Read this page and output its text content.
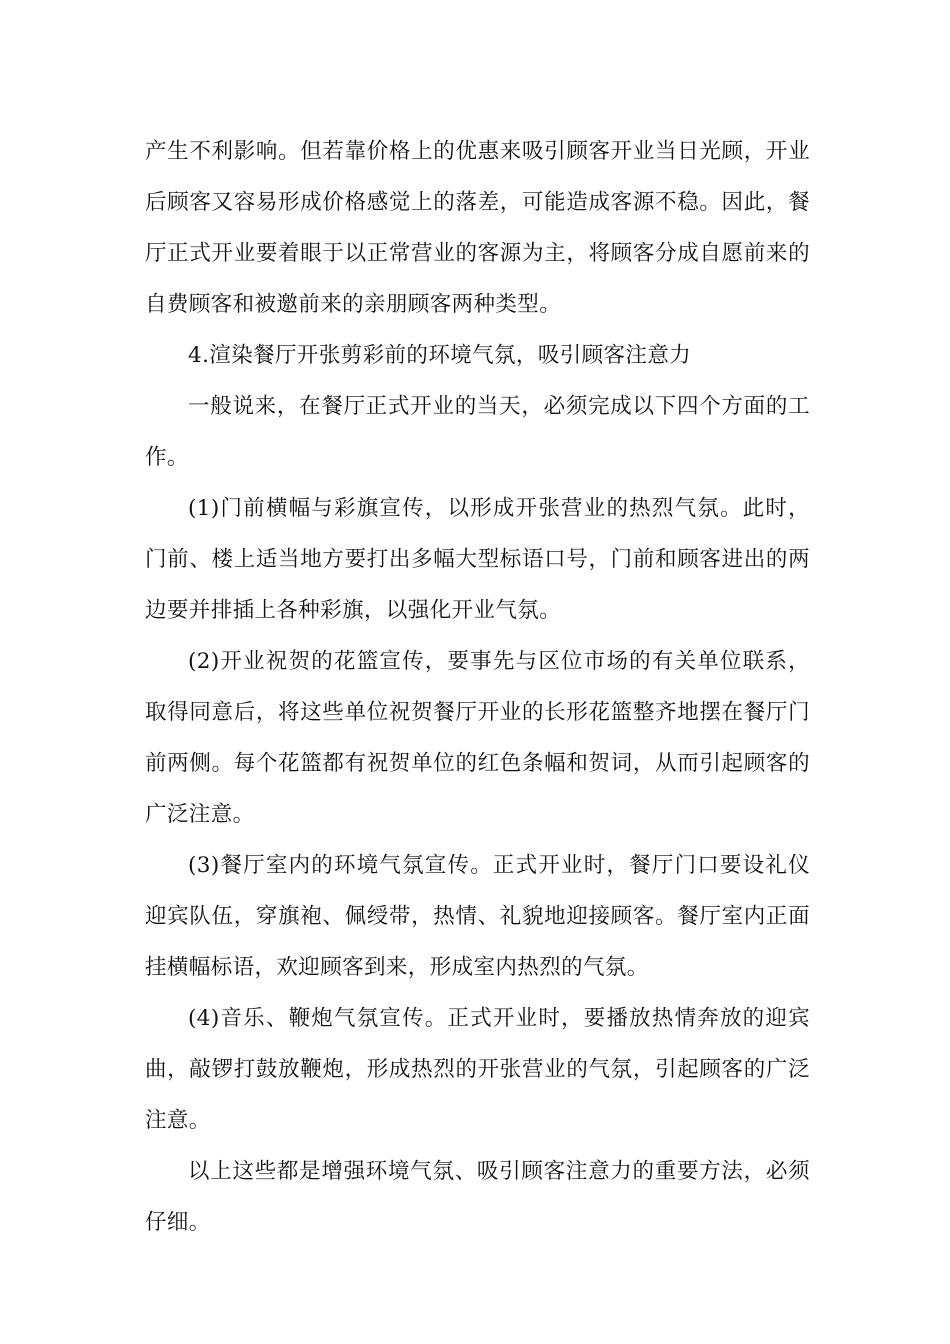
产生不利影响。但若靠价格上的优惠来吸引顾客开业当日光顾，开业后顾客又容易形成价格感觉上的落差，可能造成客源不稳。因此，餐厅正式开业要着眼于以正常营业的客源为主，将顾客分成自愿前来的自费顾客和被邀前来的亲朋顾客两种类型。

4.渲染餐厅开张剪彩前的环境气氛，吸引顾客注意力

一般说来，在餐厅正式开业的当天，必须完成以下四个方面的工作。

(1)门前横幅与彩旗宣传，以形成开张营业的热烈气氛。此时，门前、楼上适当地方要打出多幅大型标语口号，门前和顾客进出的两边要并排插上各种彩旗，以强化开业气氛。

(2)开业祝贺的花篮宣传，要事先与区位市场的有关单位联系，取得同意后，将这些单位祝贺餐厅开业的长形花篮整齐地摆在餐厅门前两侧。每个花篮都有祝贺单位的红色条幅和贺词，从而引起顾客的广泛注意。

(3)餐厅室内的环境气氛宣传。正式开业时，餐厅门口要设礼仪迎宾队伍，穿旗袍、佩绶带，热情、礼貌地迎接顾客。餐厅室内正面挂横幅标语，欢迎顾客到来，形成室内热烈的气氛。

(4)音乐、鞭炮气氛宣传。正式开业时，要播放热情奔放的迎宾曲，敲锣打鼓放鞭炮，形成热烈的开张营业的气氛，引起顾客的广泛注意。

以上这些都是增强环境气氛、吸引顾客注意力的重要方法，必须仔细。
